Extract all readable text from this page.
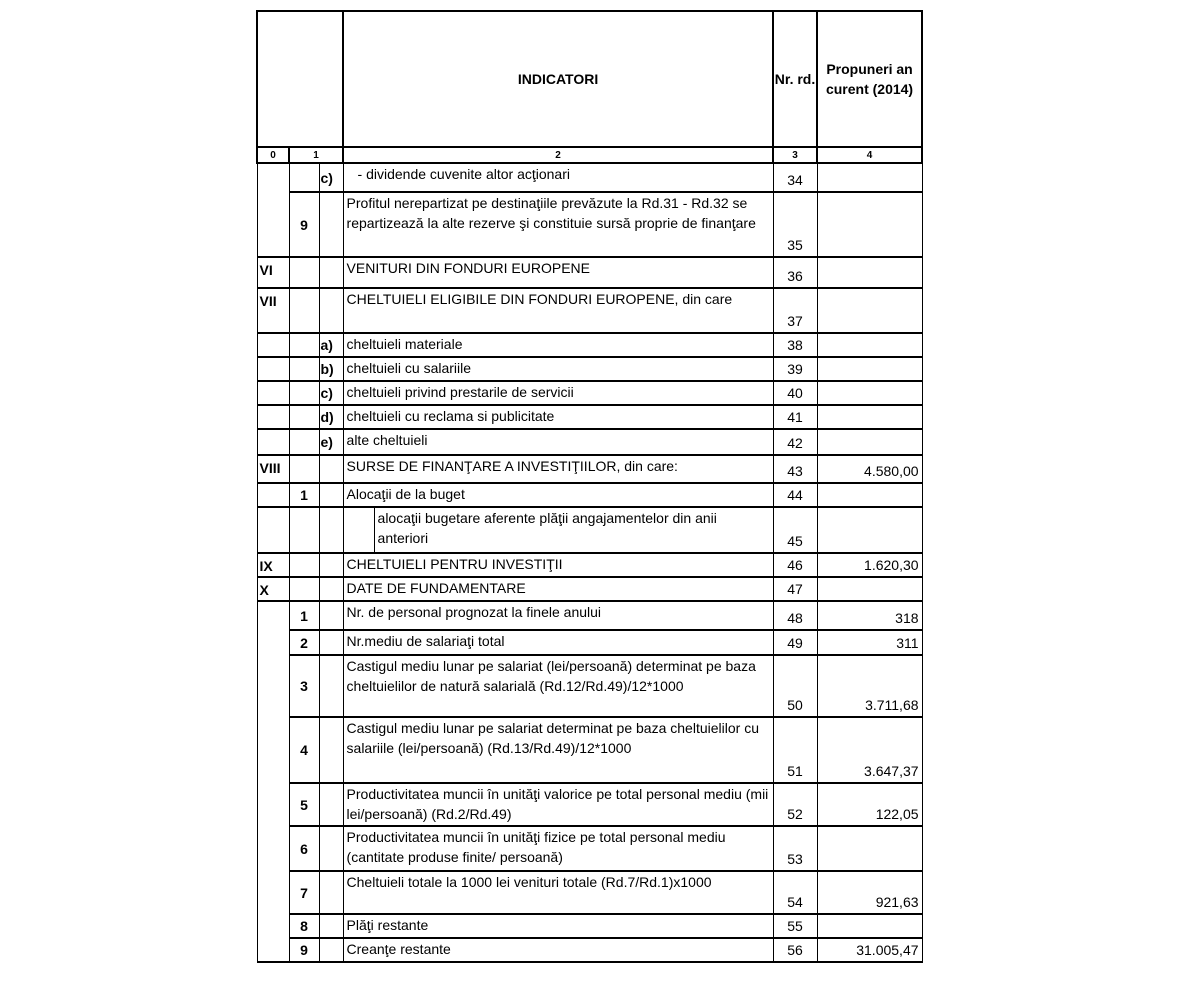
			INDICATORI	Nr. rd.	Propuneri an curent (2014)
0	1		2	3	4
		c)	- dividende cuvenite altor acţionari	34	
	9		Profitul nerepartizat pe destinaţiile prevăzute la Rd.31 - Rd.32 se repartizează la alte rezerve şi constituie sursă proprie de finanţare	35	
VI			VENITURI DIN FONDURI EUROPENE	36	
VII			CHELTUIELI ELIGIBILE DIN FONDURI EUROPENE, din care	37	
		a)	cheltuieli materiale	38	
		b)	cheltuieli cu salariile	39	
		c)	cheltuieli privind prestarile de servicii	40	
		d)	cheltuieli cu reclama si publicitate	41	
		e)	alte cheltuieli	42	
VIII			SURSE DE FINANŢARE A INVESTIŢIILOR, din care:	43	4.580,00
	1		Alocaţii de la buget	44	

			alocaţii bugetare aferente plăţii angajamentelor din anii anteriori	45	
IX			CHELTUIELI PENTRU INVESTIŢII	46	1.620,30
X			DATE DE FUNDAMENTARE	47	
	1		Nr. de personal prognozat la finele anului	48	318
	2		Nr.mediu de salariaţi total	49	311
	3		Castigul mediu lunar pe salariat (lei/persoană) determinat pe baza cheltuielilor de natură salarială (Rd.12/Rd.49)/12*1000	50	3.711,68
	4		Castigul mediu lunar pe salariat determinat pe baza cheltuielilor cu salariile (lei/persoană) (Rd.13/Rd.49)/12*1000	51	3.647,37
	5		Productivitatea muncii în unităţi valorice pe total personal mediu (mii lei/persoană) (Rd.2/Rd.49)	52	122,05
	6		Productivitatea muncii în unităţi fizice pe total personal mediu (cantitate produse finite/ persoană)	53	
	7		Cheltuieli totale la 1000 lei venituri totale (Rd.7/Rd.1)x1000	54	921,63
	8		Plăţi restante	55	
	9		Creanţe restante	56	31.005,47
